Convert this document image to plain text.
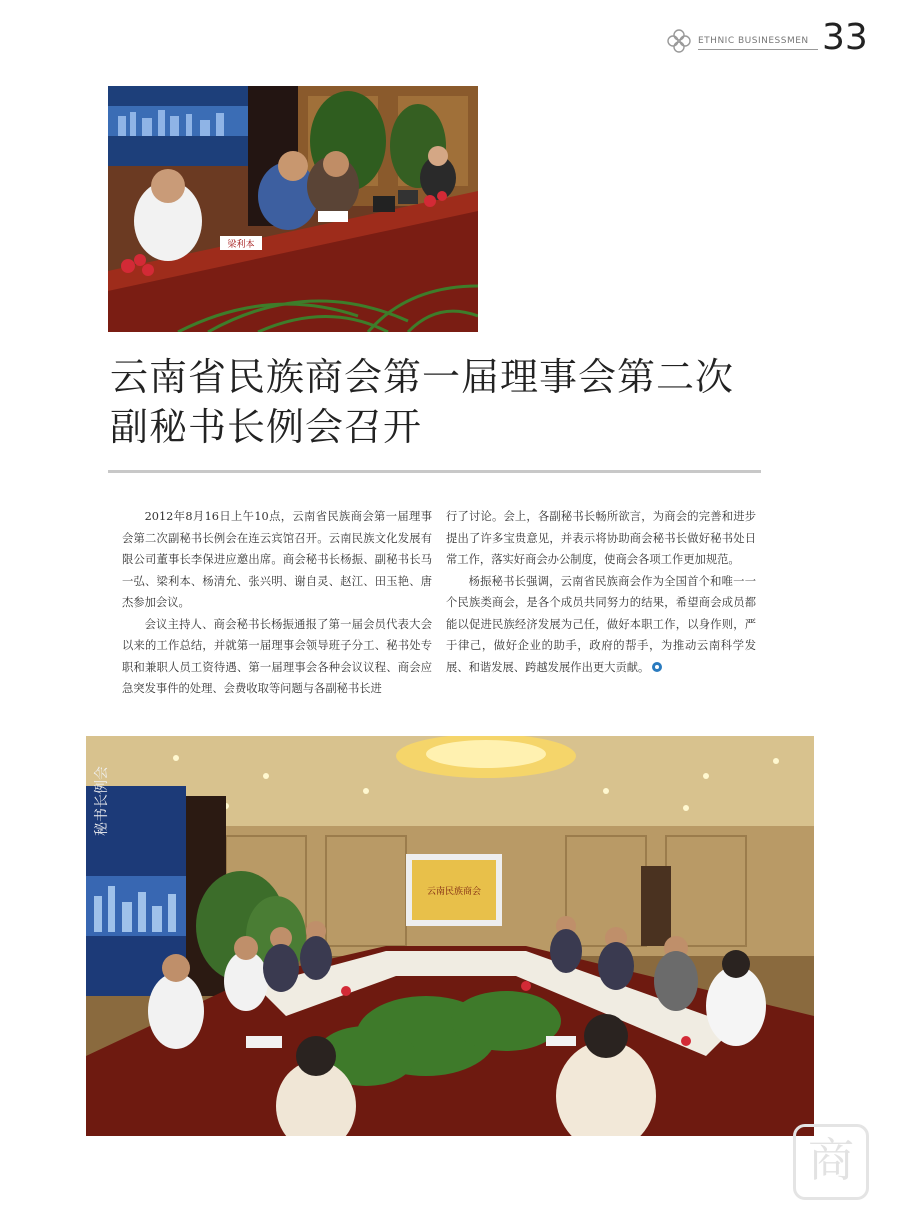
ETHNIC BUSINESSMEN 33
梁利本
云南省民族商会第一届理事会第二次
副秘书长例会召开

2012年8月16日上午10点，云南省民族商会第一届理事会第二次副秘书长例会在连云宾馆召开。云南民族文化发展有限公司董事长李保进应邀出席。商会秘书长杨振、副秘书长马一弘、梁利本、杨清允、张兴明、谢自灵、赵江、田玉艳、唐杰参加会议。

会议主持人、商会秘书长杨振通报了第一届会员代表大会以来的工作总结，并就第一届理事会领导班子分工、秘书处专职和兼职人员工资待遇、第一届理事会各种会议议程、商会应急突发事件的处理、会费收取等问题与各副秘书长进

行了讨论。会上，各副秘书长畅所欲言，为商会的完善和进步提出了许多宝贵意见，并表示将协助商会秘书长做好秘书处日常工作，落实好商会办公制度，使商会各项工作更加规范。

杨振秘书长强调，云南省民族商会作为全国首个和唯一一个民族类商会，是各个成员共同努力的结果，希望商会成员都能以促进民族经济发展为己任，做好本职工作，以身作则，严于律己，做好企业的助手，政府的帮手，为推动云南科学发展、和谐发展、跨越发展作出更大贡献。

秘书长例会
云南民族商会
商
